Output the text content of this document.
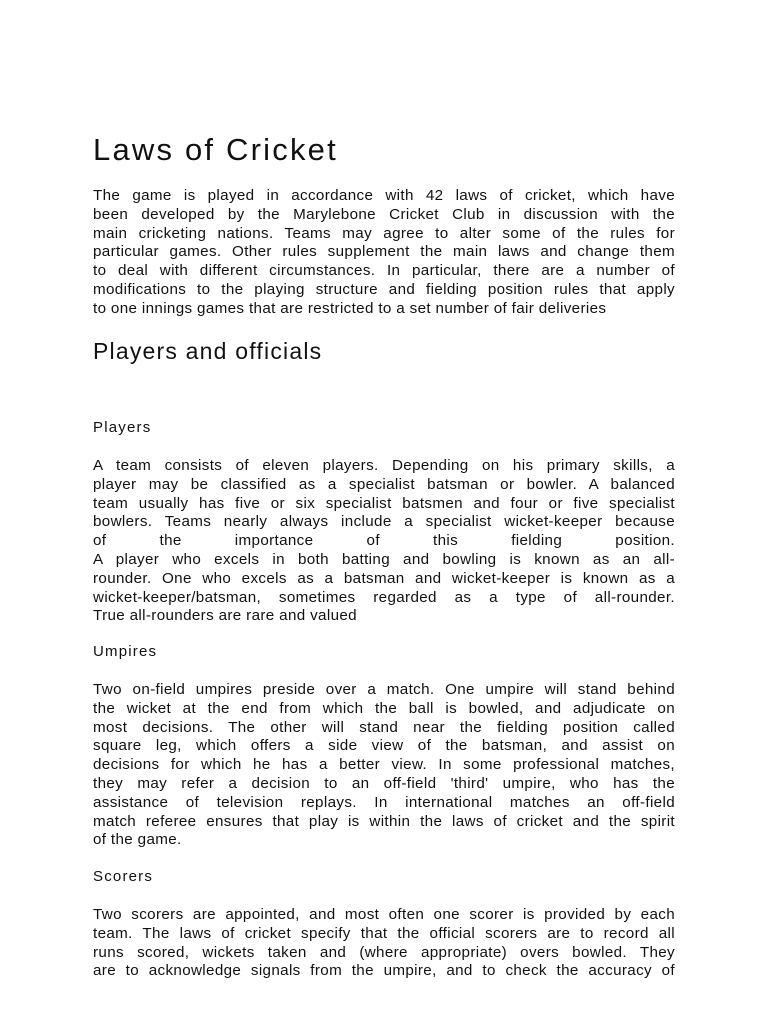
Laws of Cricket
The game is played in accordance with 42 laws of cricket, which have
been developed by the Marylebone Cricket Club in discussion with the
main cricketing nations. Teams may agree to alter some of the rules for
particular games. Other rules supplement the main laws and change them
to deal with different circumstances. In particular, there are a number of
modifications to the playing structure and fielding position rules that apply
to one innings games that are restricted to a set number of fair deliveries
Players and officials
Players
A team consists of eleven players. Depending on his primary skills, a
player may be classified as a specialist batsman or bowler. A balanced
team usually has five or six specialist batsmen and four or five specialist
bowlers. Teams nearly always include a specialist wicket-keeper because
of the importance of this fielding position.
A player who excels in both batting and bowling is known as an all-
rounder. One who excels as a batsman and wicket-keeper is known as a
wicket-keeper/batsman, sometimes regarded as a type of all-rounder.
True all-rounders are rare and valued
Umpires
Two on-field umpires preside over a match. One umpire will stand behind
the wicket at the end from which the ball is bowled, and adjudicate on
most decisions. The other will stand near the fielding position called
square leg, which offers a side view of the batsman, and assist on
decisions for which he has a better view. In some professional matches,
they may refer a decision to an off-field 'third' umpire, who has the
assistance of television replays. In international matches an off-field
match referee ensures that play is within the laws of cricket and the spirit
of the game.
Scorers
Two scorers are appointed, and most often one scorer is provided by each
team. The laws of cricket specify that the official scorers are to record all
runs scored, wickets taken and (where appropriate) overs bowled. They
are to acknowledge signals from the umpire, and to check the accuracy of
